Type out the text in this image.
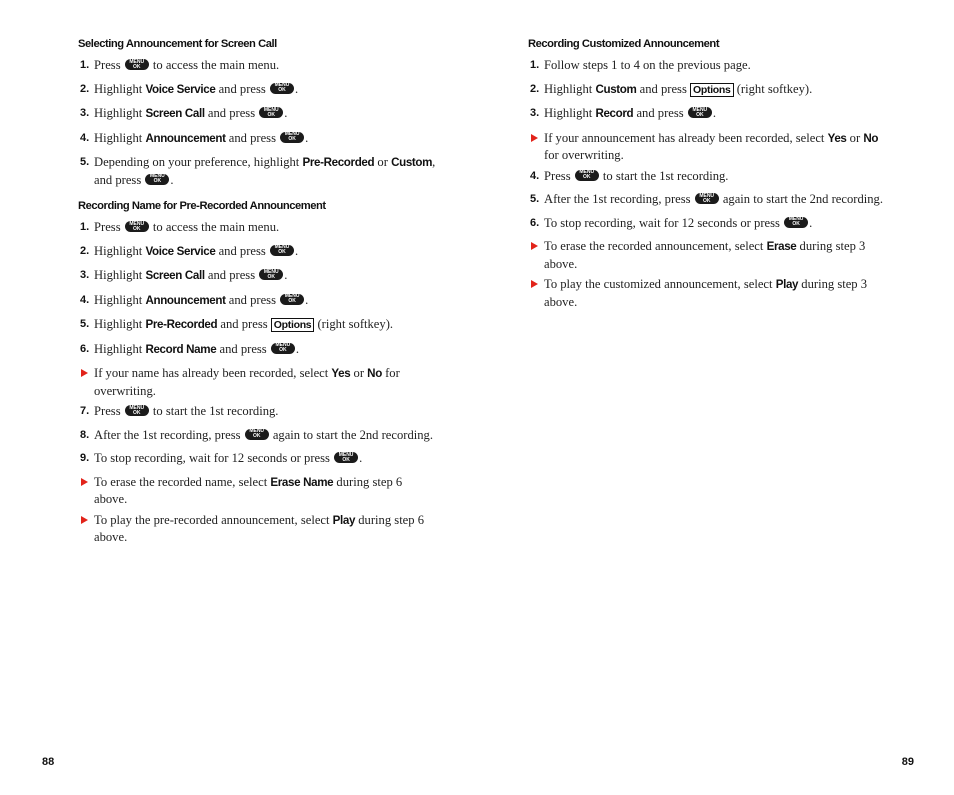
Selecting Announcement for Screen Call
1. Press	MENU
OK to access the main menu.
2. Highlight Voice Service and press	MENU
OK .
3. Highlight Screen Call and press	MENU
OK .
4. Highlight Announcement and press	MENU
OK .
5. Depending on your preference, highlight Pre-Recorded or Custom, and press	MENU
OK .
Recording Name for Pre-Recorded Announcement
1. Press	MENU
OK to access the main menu.
2. Highlight Voice Service and press	MENU
OK .
3. Highlight Screen Call and press	MENU
OK .
4. Highlight Announcement and press	MENU
OK .
5. Highlight Pre-Recorded and press Options (right softkey).
6. Highlight Record Name and press	MENU
OK .
If your name has already been recorded, select Yes or No for overwriting.
7. Press	MENU
OK to start the 1st recording.
8. After the 1st recording, press	MENU
OK again to start the 2nd recording.
9. To stop recording, wait for 12 seconds or press	MENU
OK .
To erase the recorded name, select Erase Name during step 6 above.
To play the pre-recorded announcement, select Play during step 6 above.
Recording Customized Announcement
1. Follow steps 1 to 4 on the previous page.
2. Highlight Custom and press Options (right softkey).
3. Highlight Record and press	MENU
OK .
If your announcement has already been recorded, select Yes or No for overwriting.
4. Press	MENU
OK to start the 1st recording.
5. After the 1st recording, press	MENU
OK again to start the 2nd recording.
6. To stop recording, wait for 12 seconds or press	MENU
OK .
To erase the recorded announcement, select Erase during step 3 above.
To play the customized announcement, select Play during step 3 above.
88	89
